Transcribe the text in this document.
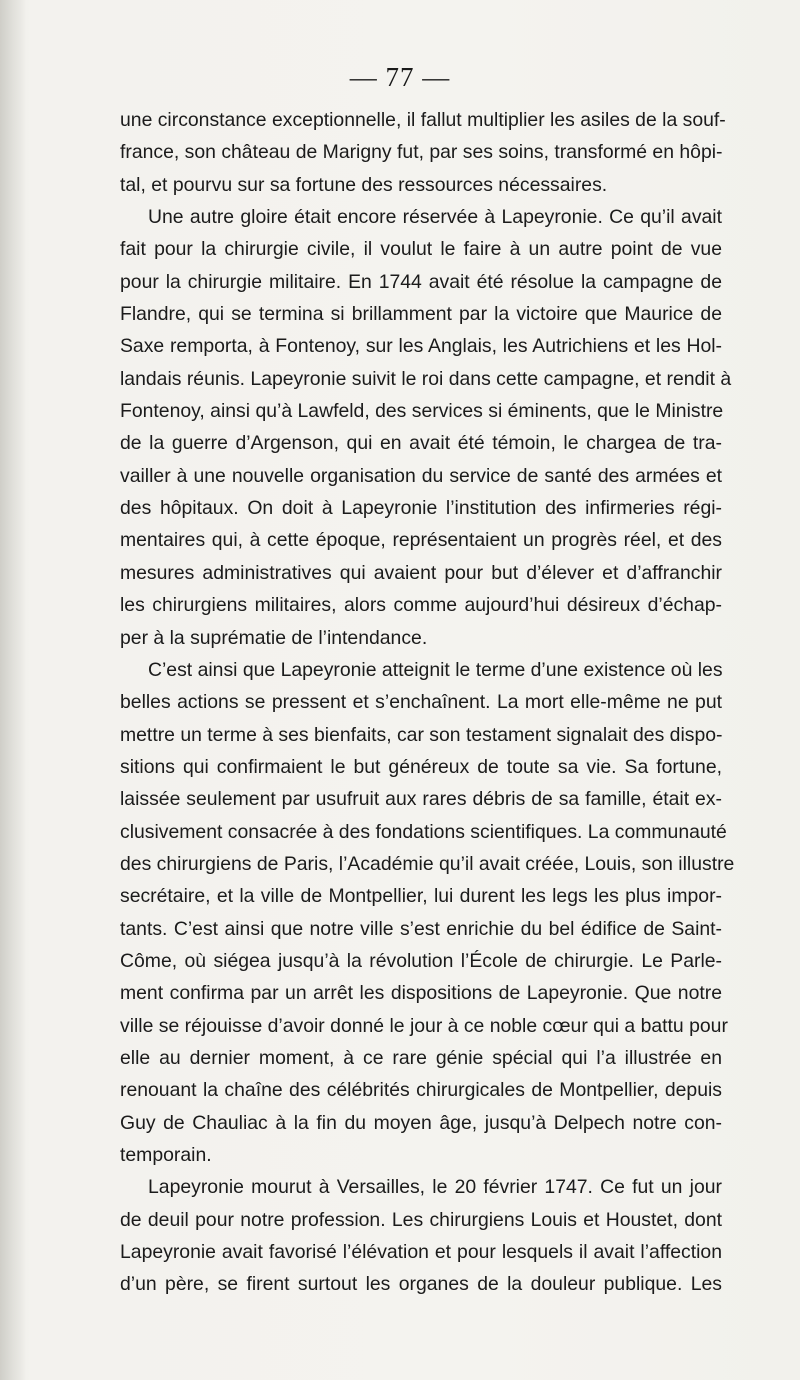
— 77 —
une circonstance exceptionnelle, il fallut multiplier les asiles de la souf-
france, son château de Marigny fut, par ses soins, transformé en hôpi-
tal, et pourvu sur sa fortune des ressources nécessaires.
Une autre gloire était encore réservée à Lapeyronie. Ce qu’il avait
fait pour la chirurgie civile, il voulut le faire à un autre point de vue
pour la chirurgie militaire. En 1744 avait été résolue la campagne de
Flandre, qui se termina si brillamment par la victoire que Maurice de
Saxe remporta, à Fontenoy, sur les Anglais, les Autrichiens et les Hol-
landais réunis. Lapeyronie suivit le roi dans cette campagne, et rendit à
Fontenoy, ainsi qu’à Lawfeld, des services si éminents, que le Ministre
de la guerre d’Argenson, qui en avait été témoin, le chargea de tra-
vailler à une nouvelle organisation du service de santé des armées et
des hôpitaux. On doit à Lapeyronie l’institution des infirmeries régi-
mentaires qui, à cette époque, représentaient un progrès réel, et des
mesures administratives qui avaient pour but d’élever et d’affranchir
les chirurgiens militaires, alors comme aujourd’hui désireux d’échap-
per à la suprématie de l’intendance.
C’est ainsi que Lapeyronie atteignit le terme d’une existence où les
belles actions se pressent et s’enchaînent. La mort elle-même ne put
mettre un terme à ses bienfaits, car son testament signalait des dispo-
sitions qui confirmaient le but généreux de toute sa vie. Sa fortune,
laissée seulement par usufruit aux rares débris de sa famille, était ex-
clusivement consacrée à des fondations scientifiques. La communauté
des chirurgiens de Paris, l’Académie qu’il avait créée, Louis, son illustre
secrétaire, et la ville de Montpellier, lui durent les legs les plus impor-
tants. C’est ainsi que notre ville s’est enrichie du bel édifice de Saint-
Côme, où siégea jusqu’à la révolution l’École de chirurgie. Le Parle-
ment confirma par un arrêt les dispositions de Lapeyronie. Que notre
ville se réjouisse d’avoir donné le jour à ce noble cœur qui a battu pour
elle au dernier moment, à ce rare génie spécial qui l’a illustrée en
renouant la chaîne des célébrités chirurgicales de Montpellier, depuis
Guy de Chauliac à la fin du moyen âge, jusqu’à Delpech notre con-
temporain.
Lapeyronie mourut à Versailles, le 20 février 1747. Ce fut un jour
de deuil pour notre profession. Les chirurgiens Louis et Houstet, dont
Lapeyronie avait favorisé l’élévation et pour lesquels il avait l’affection
d’un père, se firent surtout les organes de la douleur publique. Les
